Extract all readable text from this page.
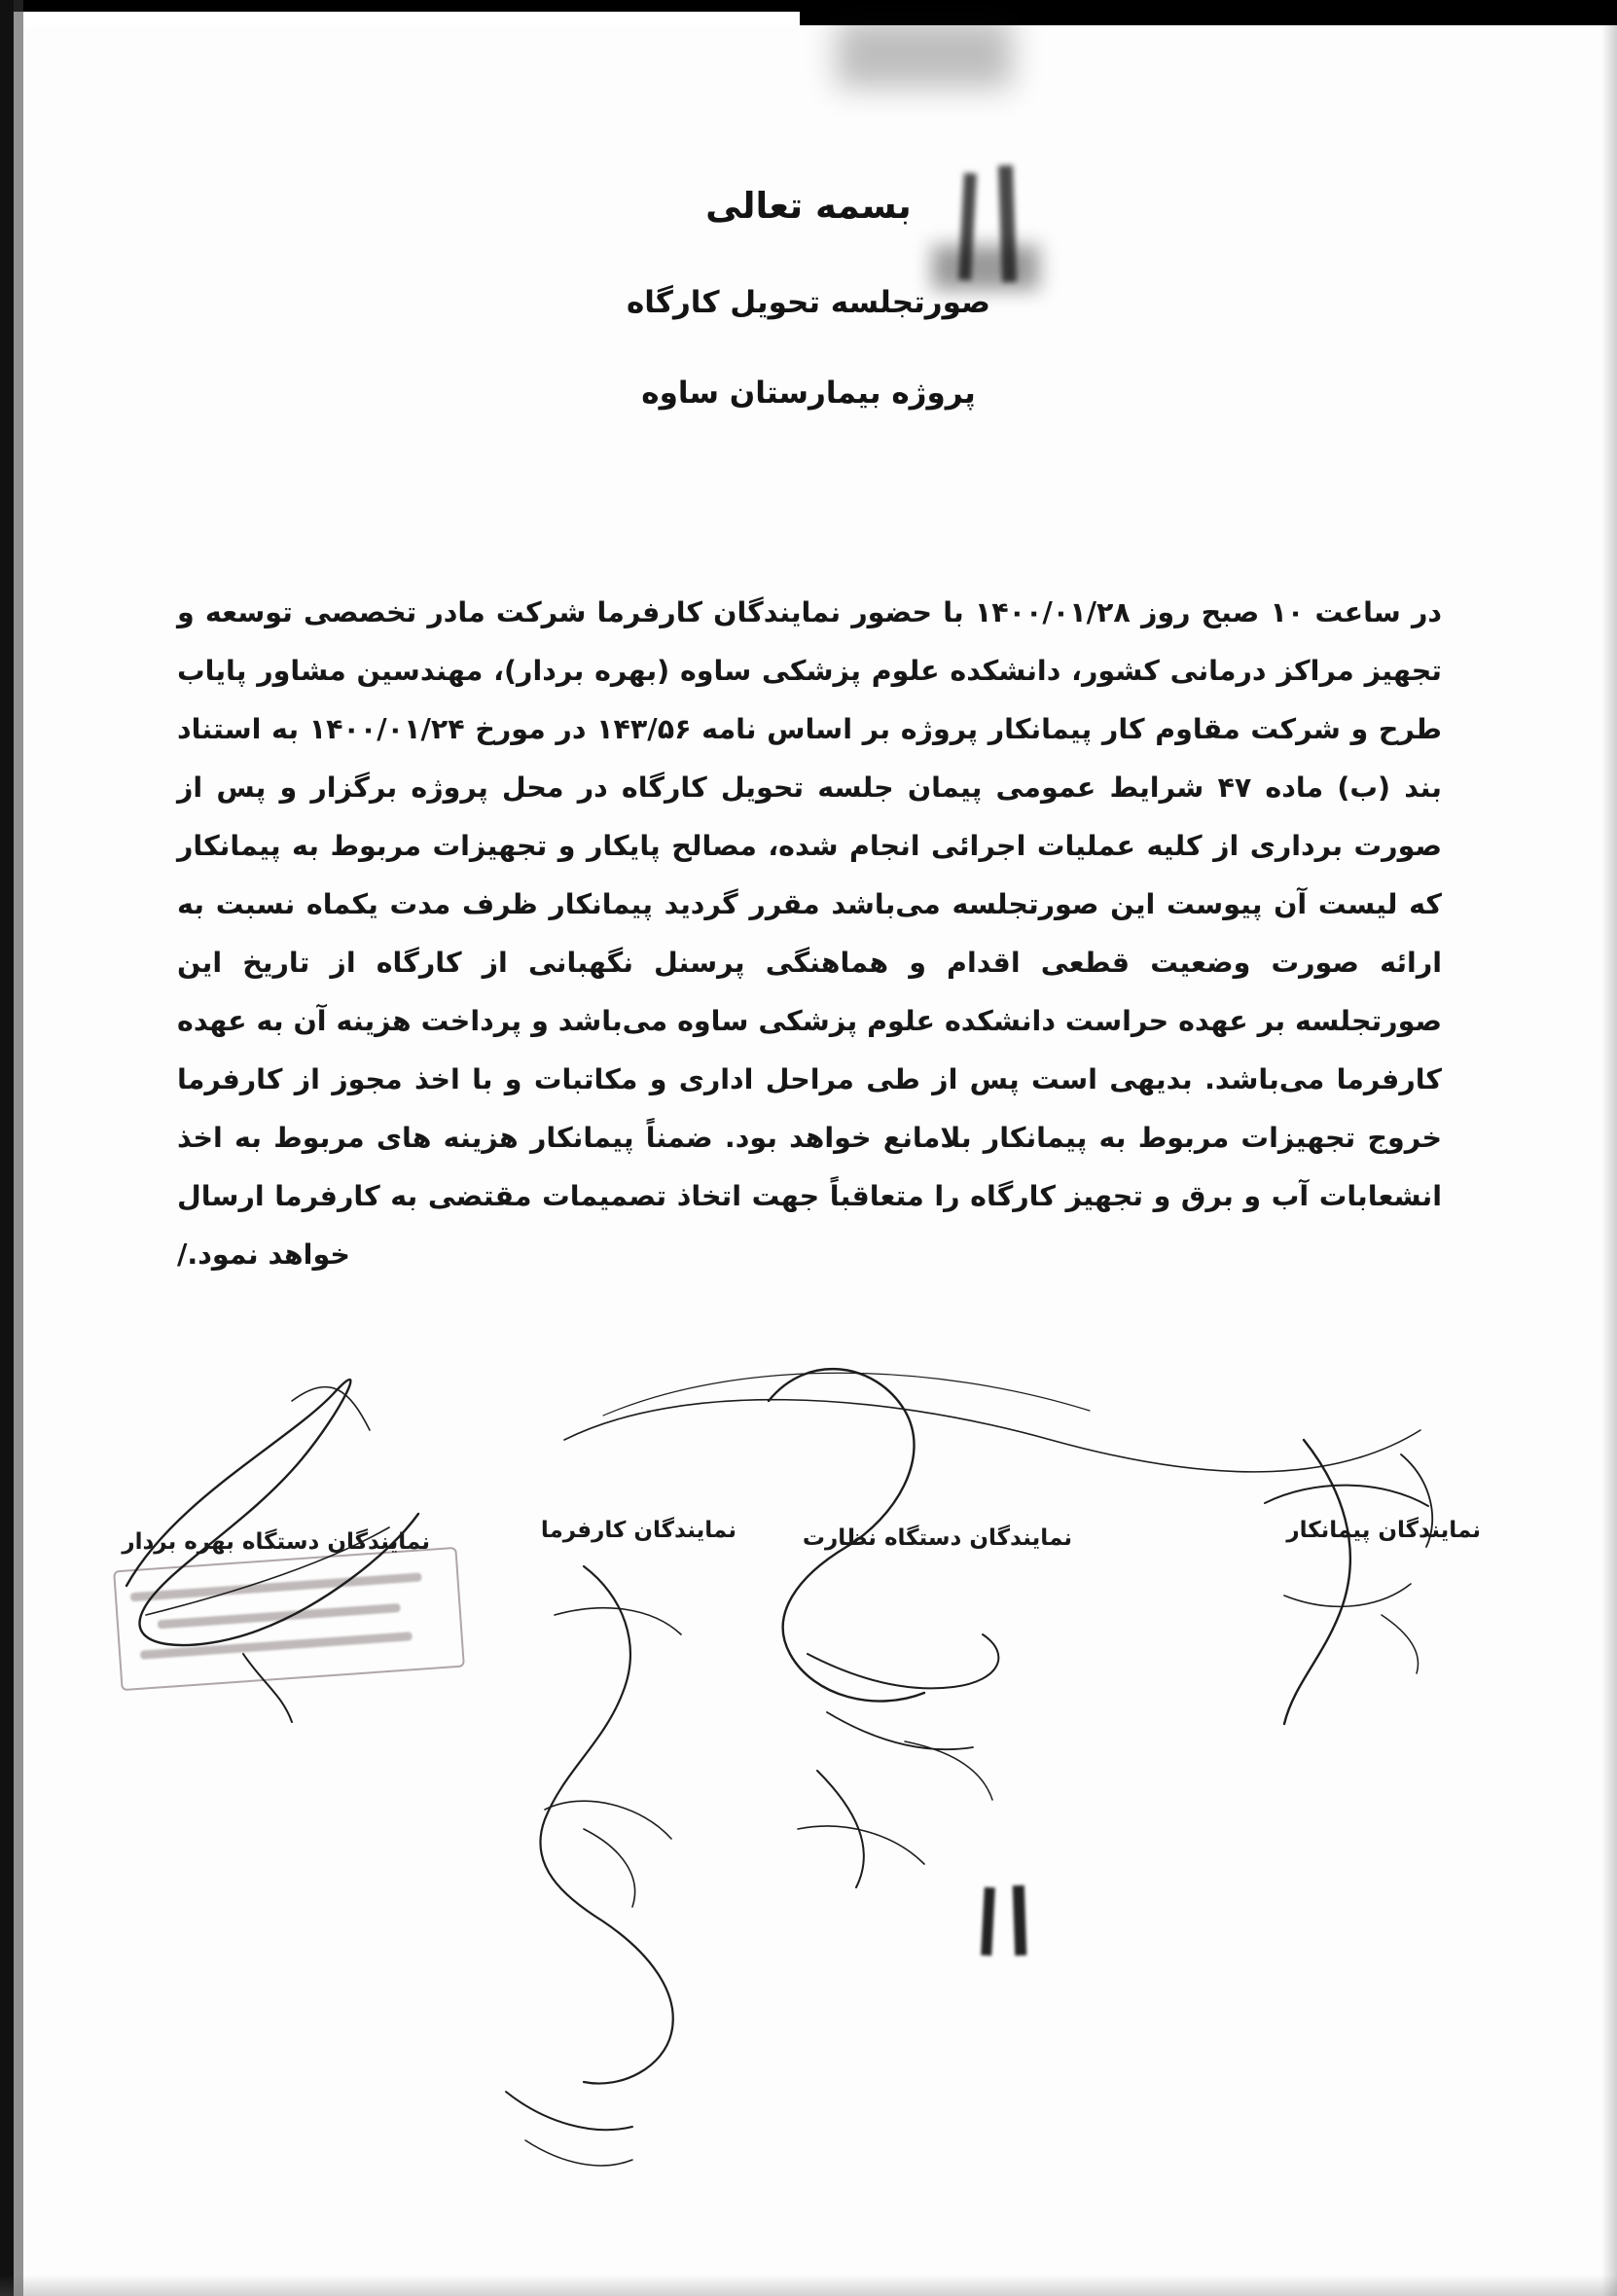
بسمه تعالی
صورتجلسه تحویل کارگاه
پروژه بیمارستان ساوه

در ساعت ۱۰ صبح روز ۱۴۰۰/۰۱/۲۸ با حضور نمایندگان کارفرما شرکت مادر تخصصی توسعه و تجهیز مراکز درمانی کشور، دانشکده علوم پزشکی ساوه (بهره بردار)، مهندسین مشاور پایاب طرح و شرکت مقاوم کار پیمانکار پروژه بر اساس نامه ۱۴۳/۵۶ در مورخ ۱۴۰۰/۰۱/۲۴ به استناد بند (ب) ماده ۴۷ شرایط عمومی پیمان جلسه تحویل کارگاه در محل پروژه برگزار و پس از صورت برداری از کلیه عملیات اجرائی انجام شده، مصالح پایکار و تجهیزات مربوط به پیمانکار که لیست آن پیوست این صورتجلسه می‌باشد مقرر گردید پیمانکار ظرف مدت یکماه نسبت به ارائه صورت وضعیت قطعی اقدام و هماهنگی پرسنل نگهبانی از کارگاه از تاریخ این صورتجلسه بر عهده حراست دانشکده علوم پزشکی ساوه می‌باشد و پرداخت هزینه آن به عهده کارفرما می‌باشد. بدیهی است پس از طی مراحل اداری و مکاتبات و با اخذ مجوز از کارفرما خروج تجهیزات مربوط به پیمانکار بلامانع خواهد بود. ضمناً پیمانکار هزینه های مربوط به اخذ انشعابات آب و برق و تجهیز کارگاه را متعاقباً جهت اتخاذ تصمیمات مقتضی به کارفرما ارسال خواهد نمود./

نمایندگان پیمانکار
نمایندگان دستگاه نظارت
نمایندگان کارفرما
نمایندگان دستگاه بهره بردار
